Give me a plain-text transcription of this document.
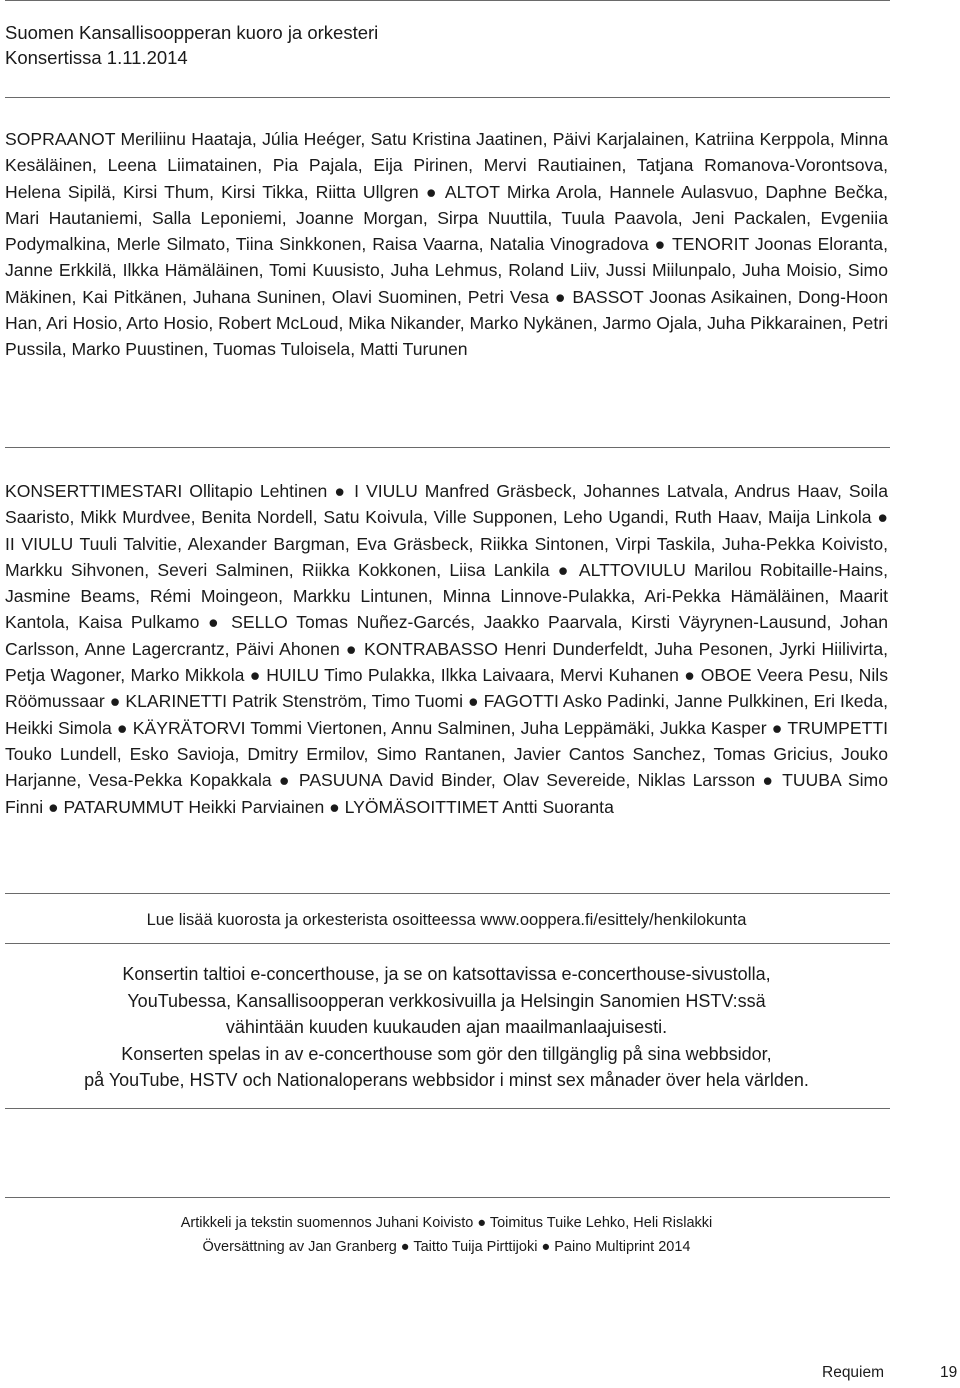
Suomen Kansallisoopperan kuoro ja orkesteri
Konsertissa 1.11.2014

SOPRAANOT Meriliinu Haataja, Júlia Heéger, Satu Kristina Jaatinen, Päivi Karjalainen, Katriina Kerppola, Minna Kesäläinen, Leena Liimatainen, Pia Pajala, Eija Pirinen, Mervi Rautiainen, Tatjana Romanova-Vorontsova, Helena Sipilä, Kirsi Thum, Kirsi Tikka, Riitta Ullgren ● ALTOT Mirka Arola, Hannele Aulasvuo, Daphne Bečka, Mari Hautaniemi, Salla Leponiemi, Joanne Morgan, Sirpa Nuuttila, Tuula Paavola, Jeni Packalen, Evgeniia Podymalkina, Merle Silmato, Tiina Sinkkonen, Raisa Vaarna, Natalia Vinogradova ● TENORIT Joonas Eloranta, Janne Erkkilä, Ilkka Hämäläinen, Tomi Kuusisto, Juha Lehmus, Roland Liiv, Jussi Miilunpalo, Juha Moisio, Simo Mäkinen, Kai Pitkänen, Juhana Suninen, Olavi Suominen, Petri Vesa ● BASSOT Joonas Asikainen, Dong-Hoon Han, Ari Hosio, Arto Hosio, Robert McLoud, Mika Nikander, Marko Nykänen, Jarmo Ojala, Juha Pikkarainen, Petri Pussila, Marko Puustinen, Tuomas Tuloisela, Matti Turunen

KONSERTTIMESTARI Ollitapio Lehtinen ● I VIULU Manfred Gräsbeck, Johannes Latvala, Andrus Haav, Soila Saaristo, Mikk Murdvee, Benita Nordell, Satu Koivula, Ville Supponen, Leho Ugandi, Ruth Haav, Maija Linkola ● II VIULU Tuuli Talvitie, Alexander Bargman, Eva Gräsbeck, Riikka Sintonen, Virpi Taskila, Juha-Pekka Koivisto, Markku Sihvonen, Severi Salminen, Riikka Kokkonen, Liisa Lankila ● ALTTOVIULU Marilou Robitaille-Hains, Jasmine Beams, Rémi Moingeon, Markku Lintunen, Minna Linnove-Pulakka, Ari-Pekka Hämäläinen, Maarit Kantola, Kaisa Pulkamo ● SELLO Tomas Nuñez-Garcés, Jaakko Paarvala, Kirsti Väyrynen-Lausund, Johan Carlsson, Anne Lagercrantz, Päivi Ahonen ● KONTRABASSO Henri Dunderfeldt, Juha Pesonen, Jyrki Hiilivirta, Petja Wagoner, Marko Mikkola ● HUILU Timo Pulakka, Ilkka Laivaara, Mervi Kuhanen ● OBOE Veera Pesu, Nils Röömussaar ● KLARINETTI Patrik Stenström, Timo Tuomi ● FAGOTTI Asko Padinki, Janne Pulkkinen, Eri Ikeda, Heikki Simola ● KÄYRÄTORVI Tommi Viertonen, Annu Salminen, Juha Leppämäki, Jukka Kasper ● TRUMPETTI Touko Lundell, Esko Savioja, Dmitry Ermilov, Simo Rantanen, Javier Cantos Sanchez, Tomas Gricius, Jouko Harjanne, Vesa-Pekka Kopakkala ● PASUUNA David Binder, Olav Severeide, Niklas Larsson ● TUUBA Simo Finni ● PATARUMMUT Heikki Parviainen ● LYÖMÄSOITTIMET Antti Suoranta

Lue lisää kuorosta ja orkesterista osoitteessa www.ooppera.fi/esittely/henkilokunta
Konsertin taltioi e-concerthouse, ja se on katsottavissa e-concerthouse-sivustolla,
YouTubessa, Kansallisoopperan verkkosivuilla ja Helsingin Sanomien HSTV:ssä
vähintään kuuden kuukauden ajan maailmanlaajuisesti.
Konserten spelas in av e-concerthouse som gör den tillgänglig på sina webbsidor,
på YouTube, HSTV och Nationaloperans webbsidor i minst sex månader över hela världen.
Artikkeli ja tekstin suomennos Juhani Koivisto ● Toimitus Tuike Lehko, Heli Rislakki
Översättning av Jan Granberg ● Taitto Tuija Pirttijoki ● Paino Multiprint 2014
Requiem	19
